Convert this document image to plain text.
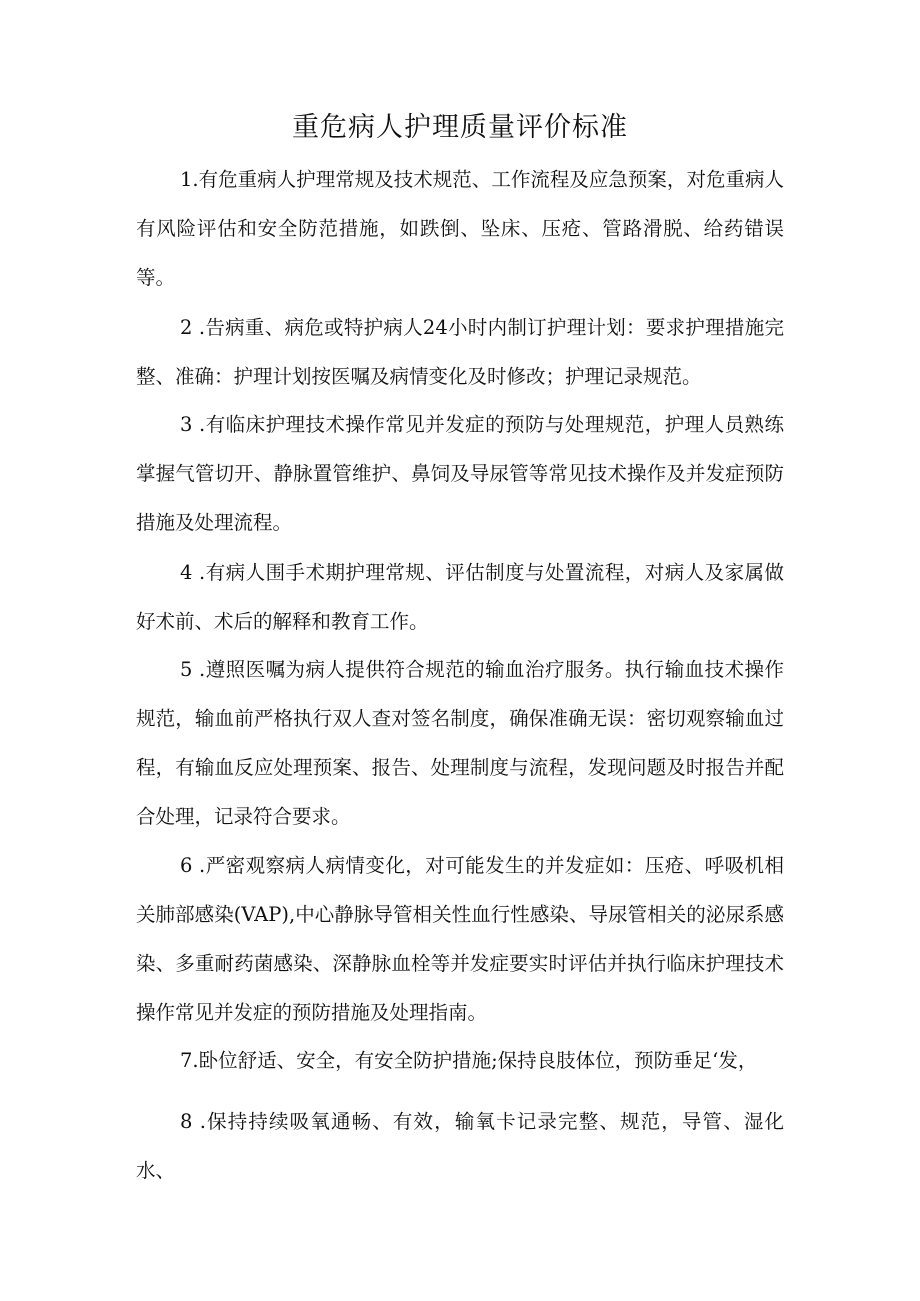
重危病人护理质量评价标准

1.有危重病人护理常规及技术规范、工作流程及应急预案，对危重病人有风险评估和安全防范措施，如跌倒、坠床、压疮、管路滑脱、给药错误等。

2 .告病重、病危或特护病人24小时内制订护理计划：要求护理措施完整、准确：护理计划按医嘱及病情变化及时修改；护理记录规范。

3 .有临床护理技术操作常见并发症的预防与处理规范，护理人员熟练掌握气管切开、静脉置管维护、鼻饲及导尿管等常见技术操作及并发症预防措施及处理流程。

4 .有病人围手术期护理常规、评估制度与处置流程，对病人及家属做好术前、术后的解释和教育工作。

5 .遵照医嘱为病人提供符合规范的输血治疗服务。执行输血技术操作规范，输血前严格执行双人查对签名制度，确保准确无误：密切观察输血过程，有输血反应处理预案、报告、处理制度与流程，发现问题及时报告并配合处理，记录符合要求。

6 .严密观察病人病情变化，对可能发生的并发症如：压疮、呼吸机相关肺部感染(VAP),中心静脉导管相关性血行性感染、导尿管相关的泌尿系感染、多重耐药菌感染、深静脉血栓等并发症要实时评估并执行临床护理技术操作常见并发症的预防措施及处理指南。

7.卧位舒适、安全，有安全防护措施;保持良肢体位，预防垂足‘发，

8 .保持持续吸氧通畅、有效，输氧卡记录完整、规范，导管、湿化水、
